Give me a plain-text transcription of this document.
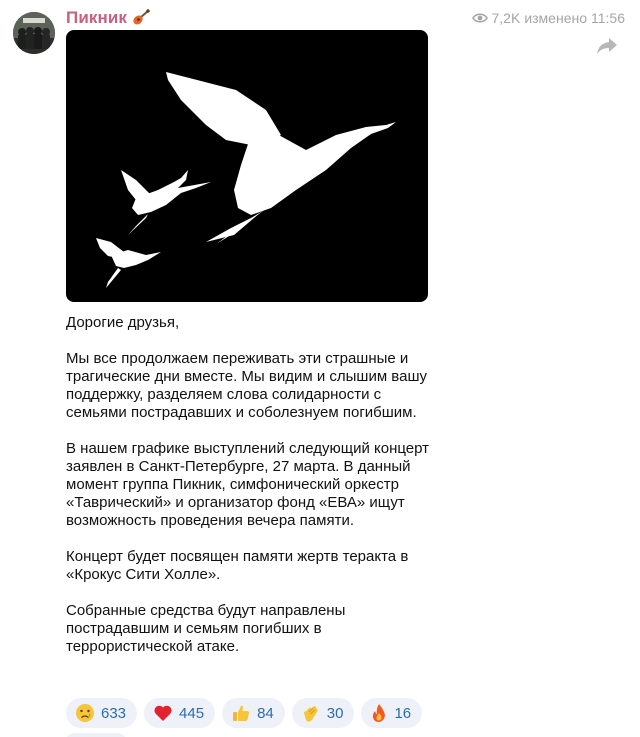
Пикник	7,2K изменено 11:56

Дорогие друзья,

Мы все продолжаем переживать эти страшные и трагические дни вместе. Мы видим и слышим вашу поддержку, разделяем слова солидарности с семьями пострадавших и соболезнуем погибшим.

В нашем графике выступлений следующий концерт заявлен в Санкт-Петербурге, 27 марта. В данный момент группа Пикник, симфонический оркестр «Таврический» и организатор фонд «ЕВА» ищут возможность проведения вечера памяти.

Концерт будет посвящен памяти жертв теракта в «Крокус Сити Холле».

Собранные средства будут направлены пострадавшим и семьям погибших в террористической атаке.

633	445	84	30	16
